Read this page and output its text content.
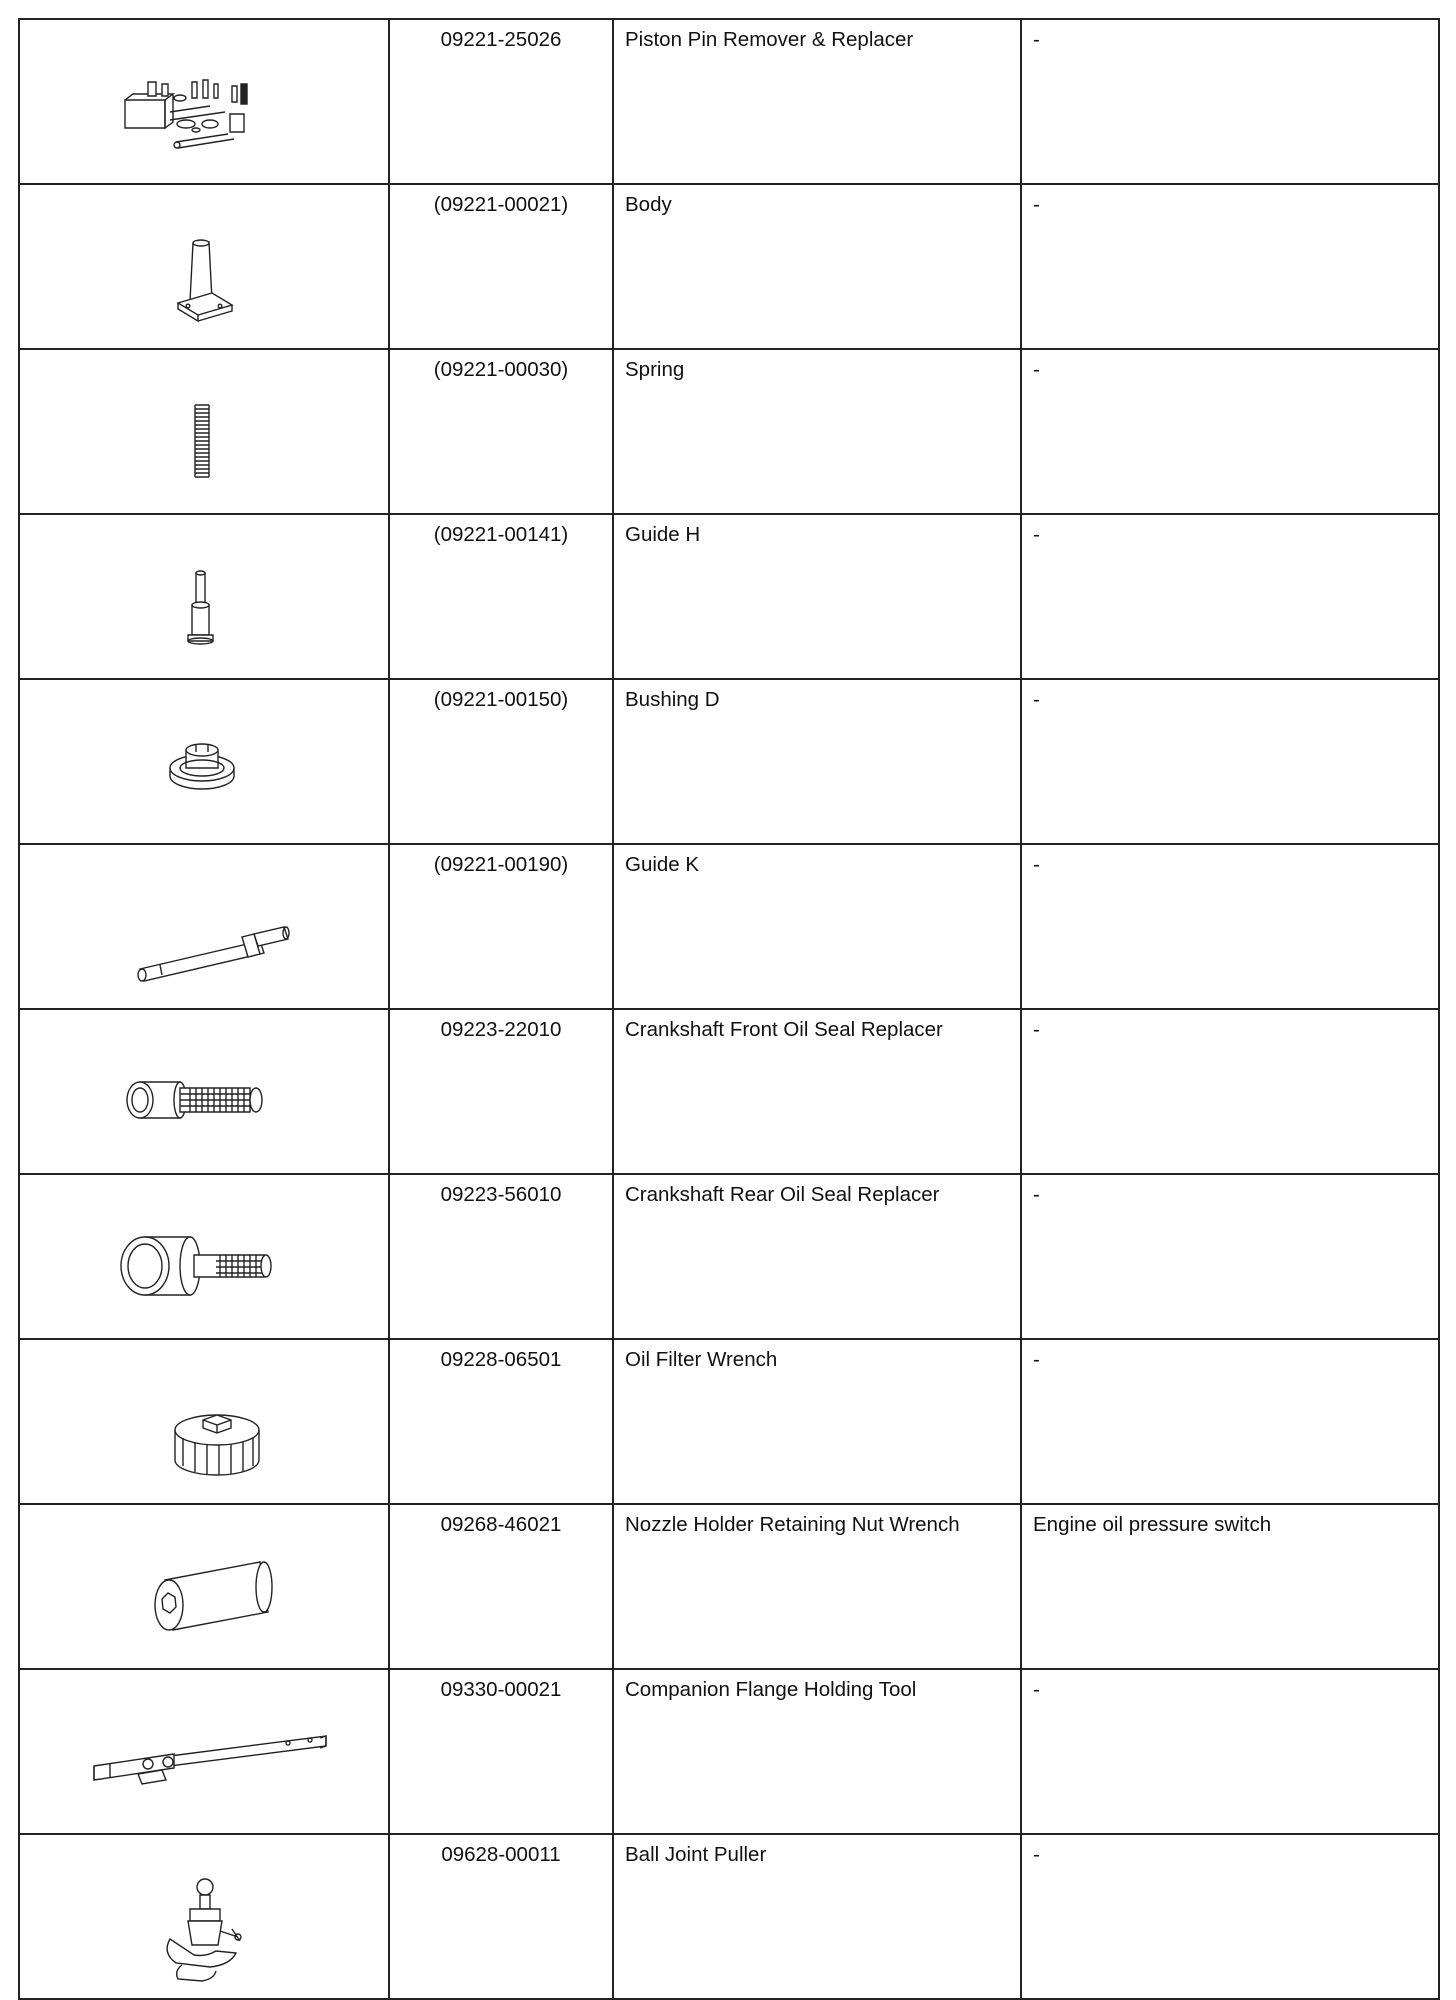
	09221-25026	Piston Pin Remover & Replacer	-

	(09221-00021)	Body	-

	(09221-00030)	Spring	-

	(09221-00141)	Guide H	-

	(09221-00150)	Bushing D	-

	(09221-00190)	Guide K	-

	09223-22010	Crankshaft Front Oil Seal Replacer	-

	09223-56010	Crankshaft Rear Oil Seal Replacer	-

	09228-06501	Oil Filter Wrench	-

	09268-46021	Nozzle Holder Retaining Nut Wrench	Engine oil pressure switch

	09330-00021	Companion Flange Holding Tool	-

	09628-00011	Ball Joint Puller	-
